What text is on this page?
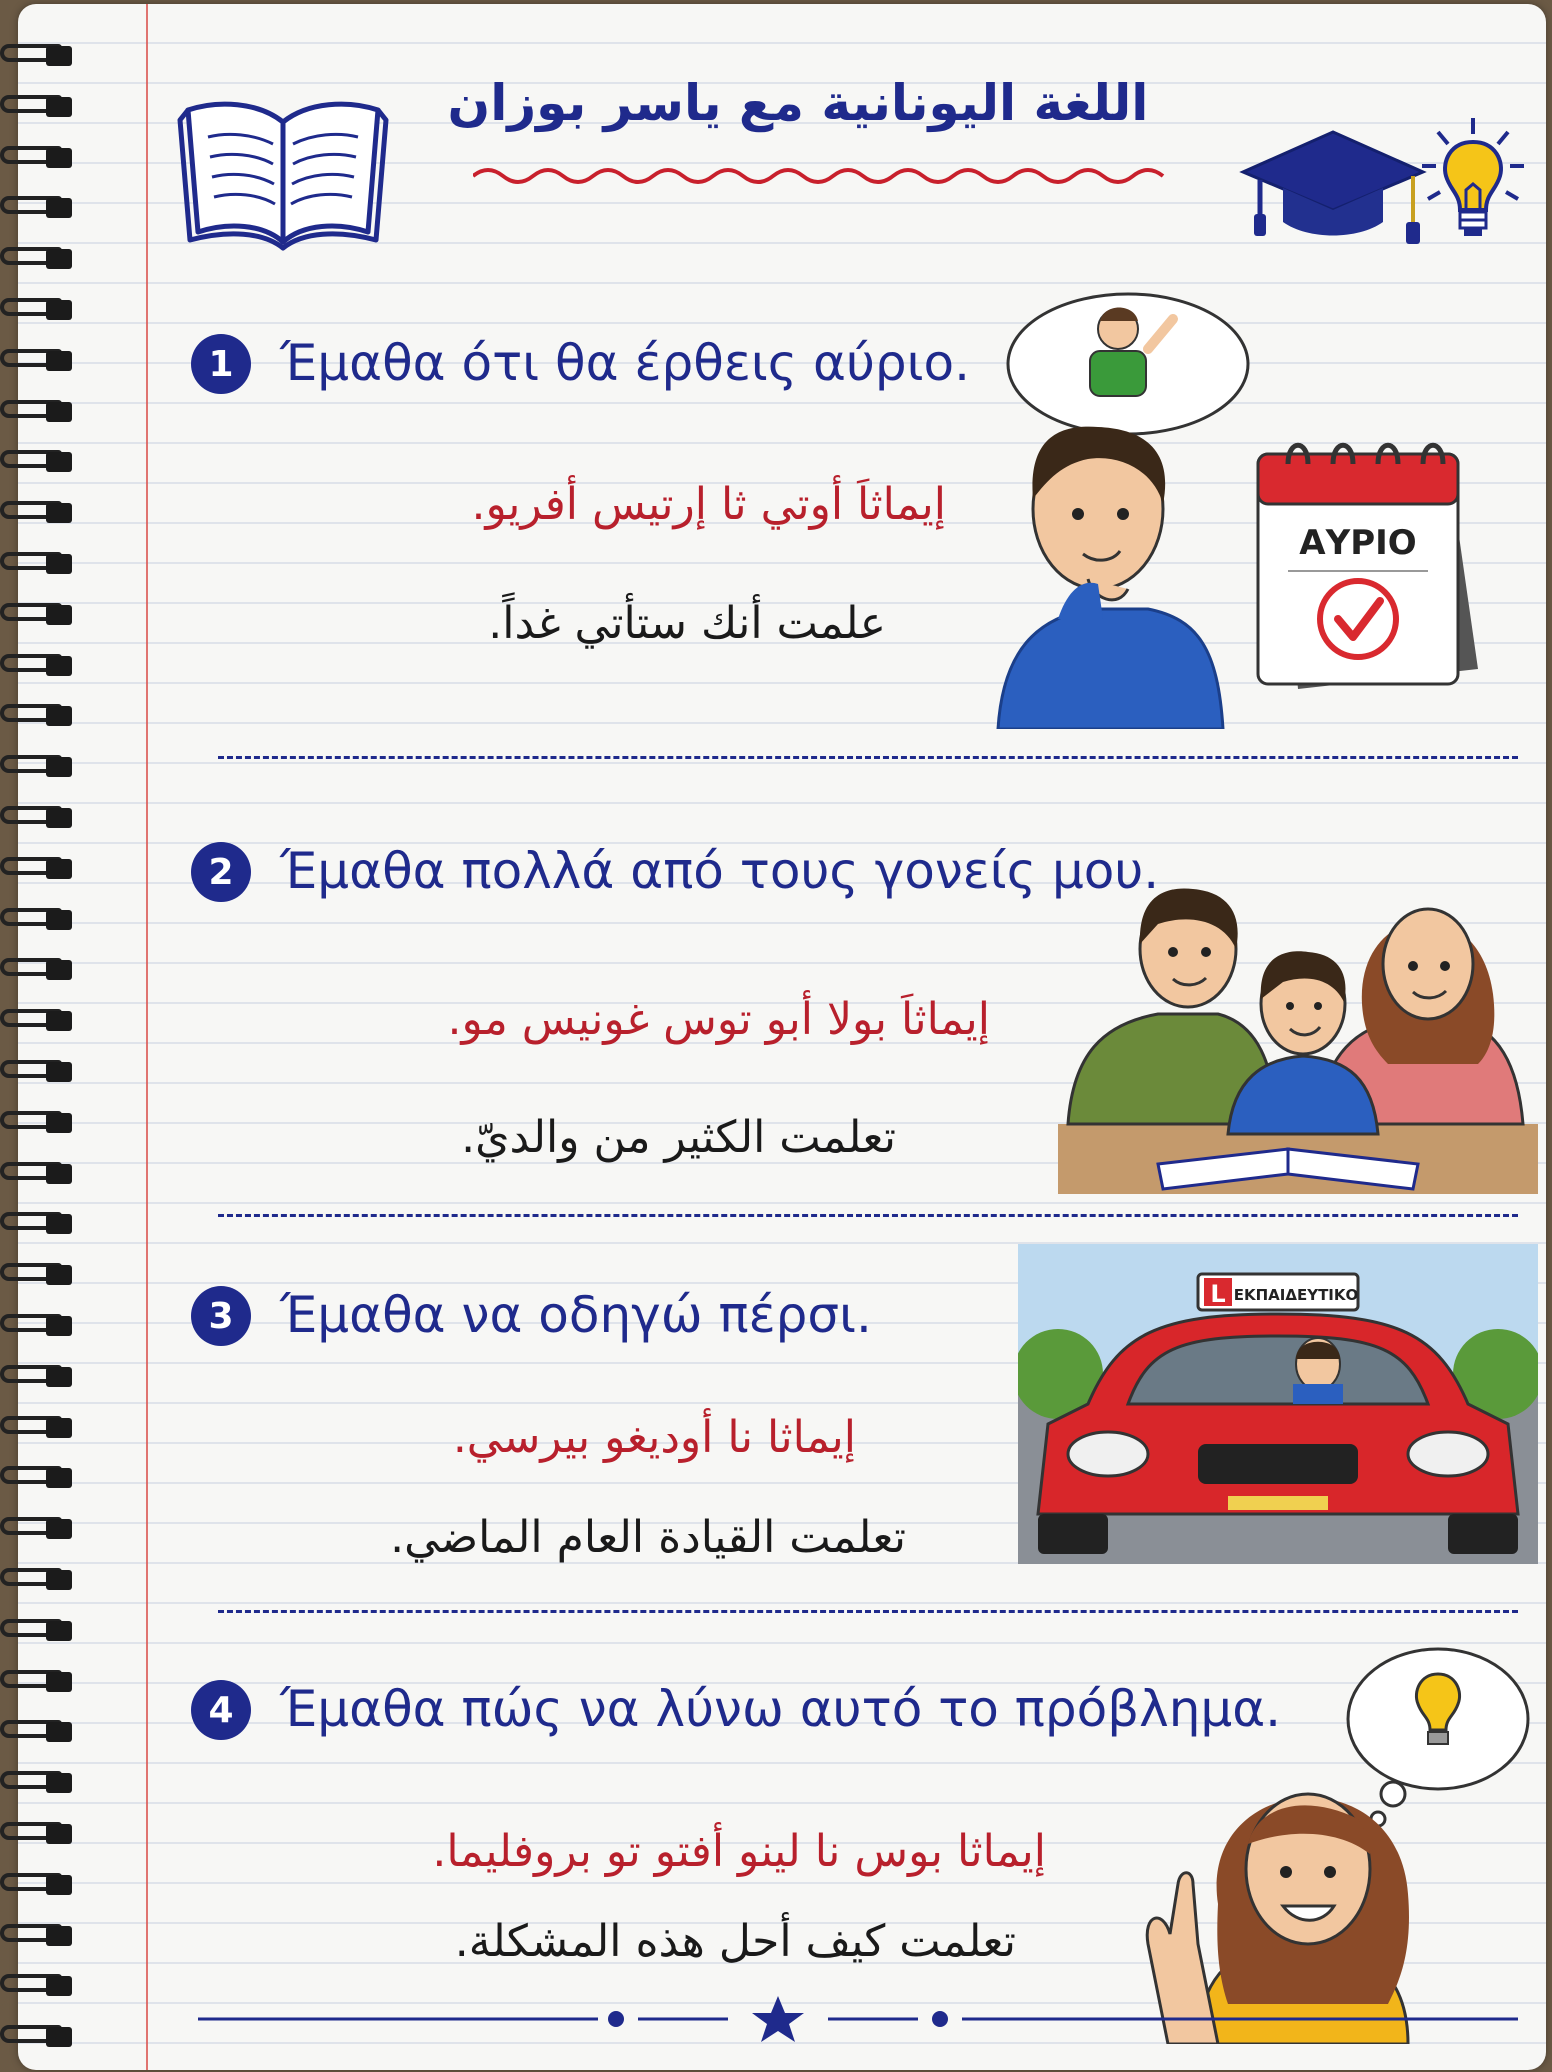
اللغة اليونانية مع ياسر بوزان
1 Έμαθα ότι θα έρθεις αύριο.
إيماثاَ أوتي ثا إرتيس أفريو.
علمت أنك ستأتي غداً.
ΑΥΡΙΟ
2 Έμαθα πολλά από τους γονείς μου.
إيماثاَ بولا أبو توس غونيس مو.
تعلمت الكثير من والديّ.
3 Έμαθα να οδηγώ πέρσι.
إيماثا نا أوديغو بيرسي.
تعلمت القيادة العام الماضي.
L ΕΚΠΑΙΔΕΥΤΙΚΟ
4 Έμαθα πώς να λύνω αυτό το πρόβλημα.
إيماثا بوس نا لينو أفتو تو بروفليما.
تعلمت كيف أحل هذه المشكلة.
